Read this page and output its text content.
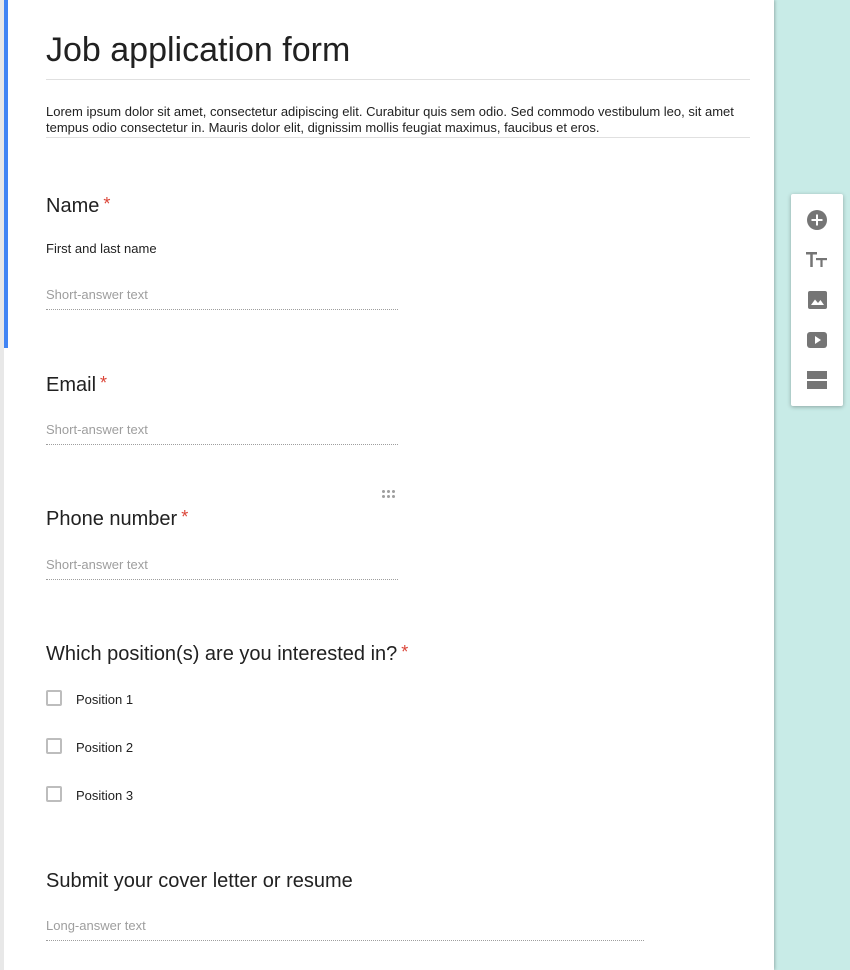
Job application form
Lorem ipsum dolor sit amet, consectetur adipiscing elit. Curabitur quis sem odio. Sed commodo vestibulum leo, sit amet tempus odio consectetur in. Mauris dolor elit, dignissim mollis feugiat maximus, faucibus et eros.
Name *
First and last name
Short-answer text
Email *
Short-answer text
Phone number *
Short-answer text
Which position(s) are you interested in? *
Position 1
Position 2
Position 3
Submit your cover letter or resume
Long-answer text
